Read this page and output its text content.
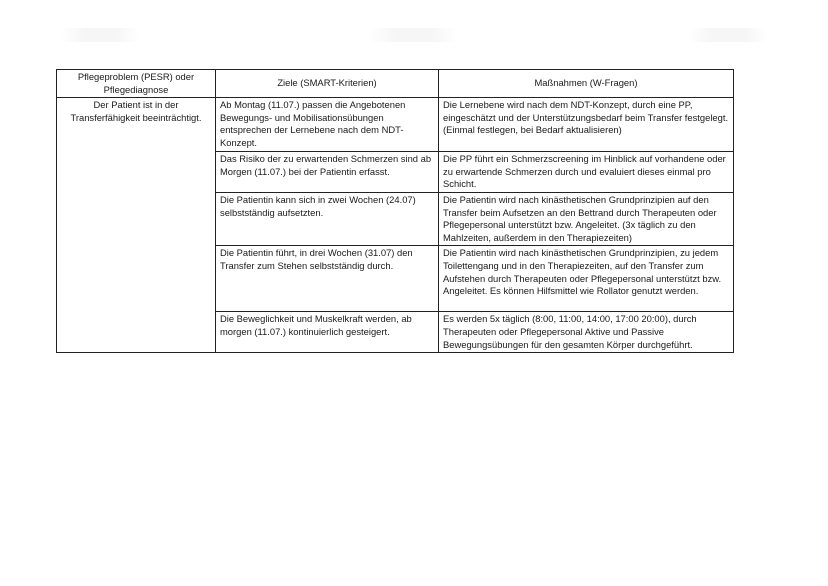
Pflegeproblem (PESR) oder Pflegediagnose	Ziele (SMART-Kriterien)	Maßnahmen (W-Fragen)
Der Patient ist in der Transferfähigkeit beeinträchtigt.	Ab Montag (11.07.) passen die Angebotenen Bewegungs- und Mobilisationsübungen entsprechen der Lernebene nach dem NDT-Konzept.	Die Lernebene wird nach dem NDT-Konzept, durch eine PP, eingeschätzt und der Unterstützungsbedarf beim Transfer festgelegt. (Einmal festlegen, bei Bedarf aktualisieren)
	Das Risiko der zu erwartenden Schmerzen sind ab Morgen (11.07.) bei der Patientin erfasst.	Die PP führt ein Schmerzscreening im Hinblick auf vorhandene oder zu erwartende Schmerzen durch und evaluiert dieses einmal pro Schicht.
	Die Patientin kann sich in zwei Wochen (24.07) selbstständig aufsetzten.	Die Patientin wird nach kinästhetischen Grundprinzipien auf den Transfer beim Aufsetzen an den Bettrand durch Therapeuten oder Pflegepersonal unterstützt bzw. Angeleitet. (3x täglich zu den Mahlzeiten, außerdem in den Therapiezeiten)
	Die Patientin führt, in drei Wochen (31.07) den Transfer zum Stehen selbstständig durch.	Die Patientin wird nach kinästhetischen Grundprinzipien, zu jedem Toilettengang und in den Therapiezeiten, auf den Transfer zum Aufstehen durch Therapeuten oder Pflegepersonal unterstützt bzw. Angeleitet. Es können Hilfsmittel wie Rollator genutzt werden.
	Die Beweglichkeit und Muskelkraft werden, ab morgen (11.07.) kontinuierlich gesteigert.	Es werden 5x täglich (8:00, 11:00, 14:00, 17:00 20:00), durch Therapeuten oder Pflegepersonal Aktive und Passive Bewegungsübungen für den gesamten Körper durchgeführt.
